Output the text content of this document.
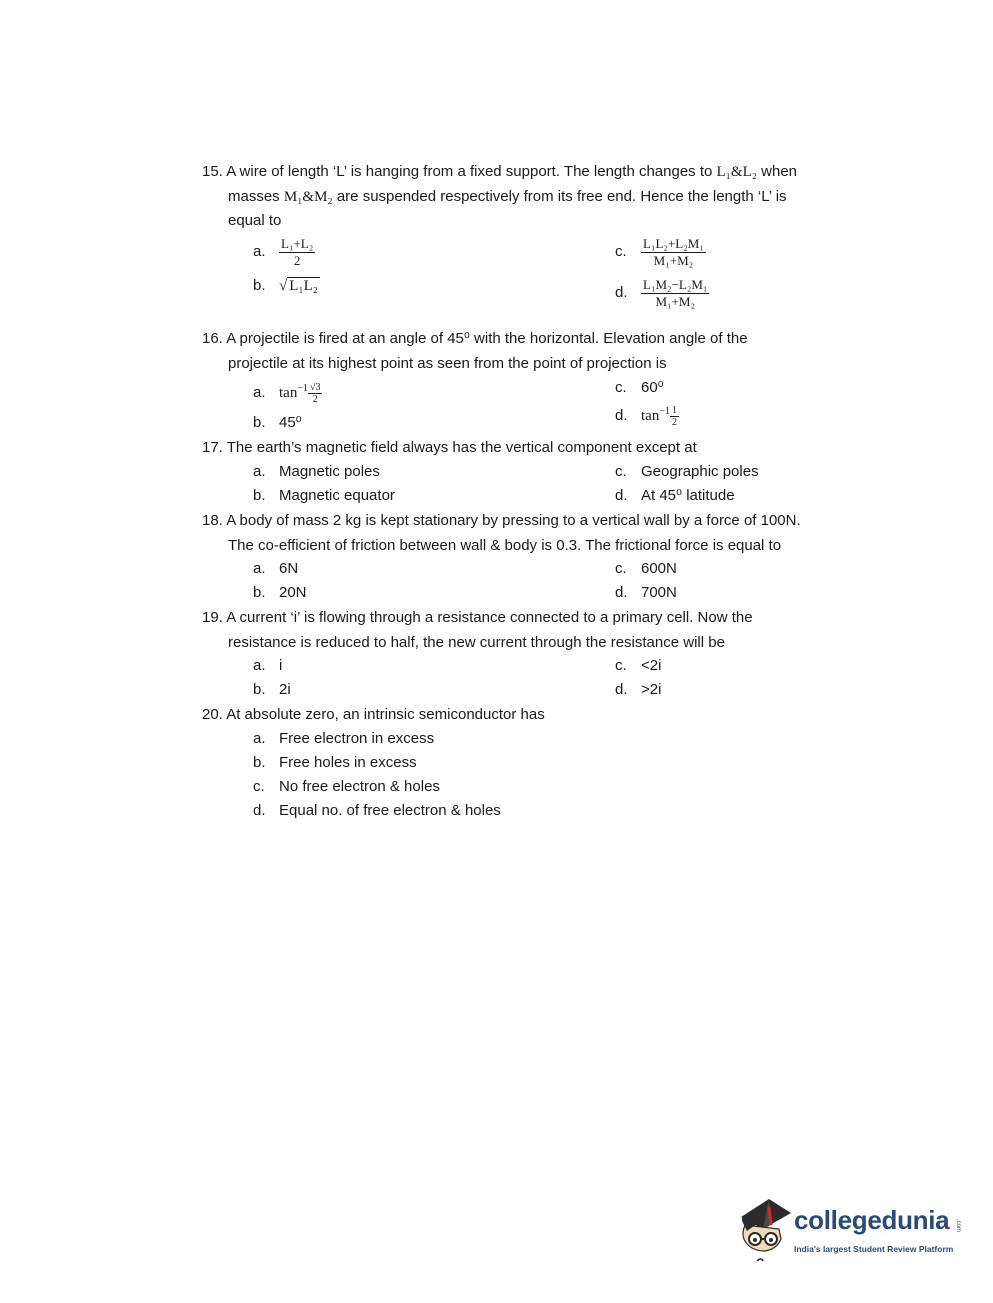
15. A wire of length ‘L’ is hanging from a fixed support. The length changes to L₁&L₂ when
masses M₁&M₂ are suspended respectively from its free end. Hence the length ‘L’ is
equal to
a. $\frac{\text{L₁+L₂}}{2}$
b. √ L₁L₂
c. $\frac{\text{L₁L₂+L₂M₁}}{\text{M₁+M₂}}$
d. $\frac{\text{L₁M₂−L₂M₁}}{\text{M₁+M₂}}$
16. A projectile is fired at an angle of 45⁰ with the horizontal. Elevation angle of the
projectile at its highest point as seen from the point of projection is
a. $\tan^{-1} \frac{√3}{2}$
b. 45⁰
c. 60⁰
d. $\tan^{-1} \frac{1}{2}$
17. The earth’s magnetic field always has the vertical component except at
a. Magnetic poles
b. Magnetic equator
c. Geographic poles
d. At 45⁰ latitude
18. A body of mass 2 kg is kept stationary by pressing to a vertical wall by a force of 100N.
The co-efficient of friction between wall & body is 0.3. The frictional force is equal to
a. 6N
b. 20N
c. 600N
d. 700N
19. A current ‘i’ is flowing through a resistance connected to a primary cell. Now the
resistance is reduced to half, the new current through the resistance will be
a. i
b. 2i
c. <2i
d. >2i
20. At absolute zero, an intrinsic semiconductor has
a. Free electron in excess
b. Free holes in excess
c. No free electron & holes
d. Equal no. of free electron & holes
collegedunia .com
India's largest Student Review Platform
